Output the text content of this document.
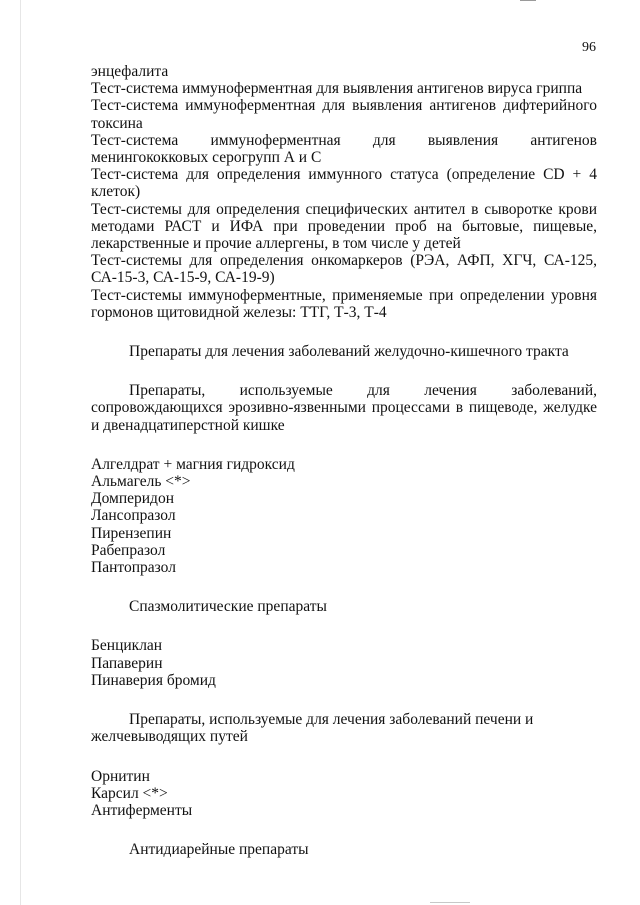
96

энцефалита

Тест-система иммуноферментная для выявления антигенов вируса гриппа

Тест-система иммуноферментная для выявления антигенов дифтерийного токсина

Тест-система иммуноферментная для выявления антигенов менингококковых серогрупп А и С

Тест-система для определения иммунного статуса (определение CD + 4 клеток)

Тест-системы для определения специфических антител в сыворотке крови методами РАСТ и ИФА при проведении проб на бытовые, пищевые, лекарственные и прочие аллергены, в том числе у детей

Тест-системы для определения онкомаркеров (РЭА, АФП, ХГЧ, СА-125, СА-15-3, СА-15-9, СА-19-9)

Тест-системы иммуноферментные, применяемые при определении уровня гормонов щитовидной железы: ТТГ, Т-3, Т-4

Препараты для лечения заболеваний желудочно-кишечного тракта

Препараты, используемые для лечения заболеваний, сопровождающихся эрозивно-язвенными процессами в пищеводе, желудке и двенадцатиперстной кишке

Алгелдрат + магния гидроксид

Альмагель <*>

Домперидон

Лансопразол

Пирензепин

Рабепразол

Пантопразол

Спазмолитические препараты

Бенциклан

Папаверин

Пинаверия бромид

Препараты, используемые для лечения заболеваний печени и желчевыводящих путей

Орнитин

Карсил <*>

Антиферменты

Антидиарейные препараты
